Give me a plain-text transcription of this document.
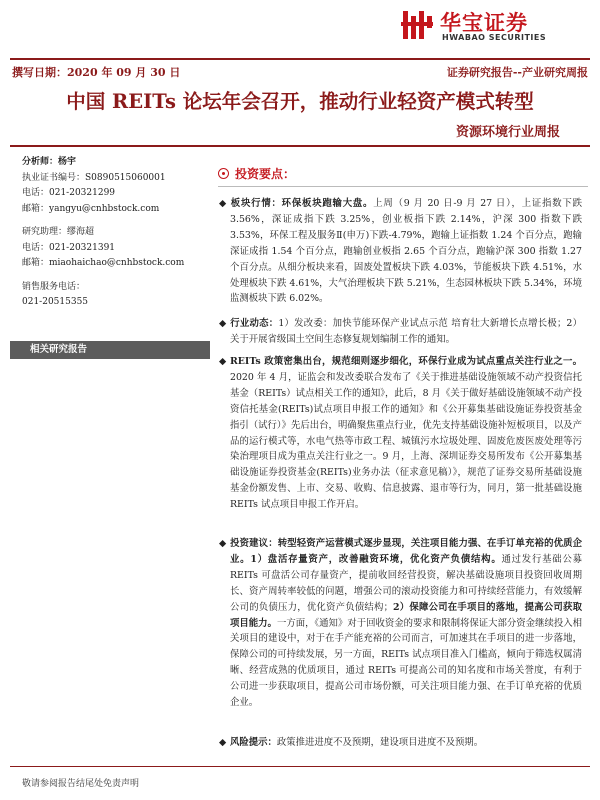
华宝证券
HWABAO SECURITIES
撰写日期：2020 年 09 月 30 日	证券研究报告--产业研究周报
中国 REITs 论坛年会召开，推动行业轻资产模式转型
资源环境行业周报
分析师：杨宇
执业证书编号：S0890515060001
电话：021-20321299
邮箱：yangyu@cnhbstock.com
研究助理：缪海超
电话：021-20321391
邮箱：miaohaichao@cnhbstock.com
销售服务电话：
021-20515355
相关研究报告
投资要点：
◆ 板块行情：环保板块跑输大盘。上周（9 月 20 日-9 月 27 日），上证指数下跌 3.56%，深证成指下跌 3.25%，创业板指下跌 2.14%，沪深 300 指数下跌 3.53%，环保工程及服务Ⅱ(申万)下跌-4.79%，跑输上证指数 1.24 个百分点，跑输深证成指 1.54 个百分点，跑输创业板指 2.65 个百分点，跑输沪深 300 指数 1.27 个百分点。从细分板块来看，固废处置板块下跌 4.03%，节能板块下跌 4.51%，水处理板块下跌 4.61%，大气治理板块下跌 5.21%，生态园林板块下跌 5.34%，环境监测板块下跌 6.02%。
◆ 行业动态：1）发改委：加快节能环保产业试点示范 培育壮大新增长点增长极；2）关于开展省级国土空间生态修复规划编制工作的通知。
◆ REITs 政策密集出台，规范细则逐步细化，环保行业成为试点重点关注行业之一。2020 年 4 月，证监会和发改委联合发布了《关于推进基础设施领域不动产投资信托基金（REITs）试点相关工作的通知》，此后，8 月《关于做好基础设施领域不动产投资信托基金(REITs)试点项目申报工作的通知》和《公开募集基础设施证券投资基金指引（试行）》先后出台，明确聚焦重点行业，优先支持基础设施补短板项目，以及产品的运行模式等，水电气热等市政工程、城镇污水垃圾处理、固废危废医废处理等污染治理项目成为重点关注行业之一。9 月，上海、深圳证券交易所发布《公开募集基础设施证券投资基金(REITs)业务办法（征求意见稿）》，规范了证券交易所基础设施基金份额发售、上市、交易、收购、信息披露、退市等行为，同月，第一批基础设施 REITs 试点项目申报工作开启。
◆ 投资建议：转型轻资产运营模式逐步显现，关注项目能力强、在手订单充裕的优质企业。1）盘活存量资产，改善融资环境，优化资产负债结构。通过发行基础公募 REITs 可盘活公司存量资产，提前收回经营投资，解决基础设施项目投资回收周期长、资产周转率较低的问题，增强公司的滚动投资能力和可持续经营能力，有效缓解公司的负债压力，优化资产负债结构；2）保障公司在手项目的落地，提高公司获取项目能力。一方面，《通知》对于回收资金的要求和限制将保证大部分资金继续投入相关项目的建设中，对于在手产能充裕的公司而言，可加速其在手项目的进一步落地，保障公司的可持续发展，另一方面，REITs 试点项目准入门槛高，倾向于筛选权属清晰、经营成熟的优质项目，通过 REITs 可提高公司的知名度和市场关誉度，有利于公司进一步获取项目，提高公司市场份额，可关注项目能力强、在手订单充裕的优质企业。
◆ 风险提示：政策推进进度不及预期，建设项目进度不及预期。
敬请参阅报告结尾处免责声明
